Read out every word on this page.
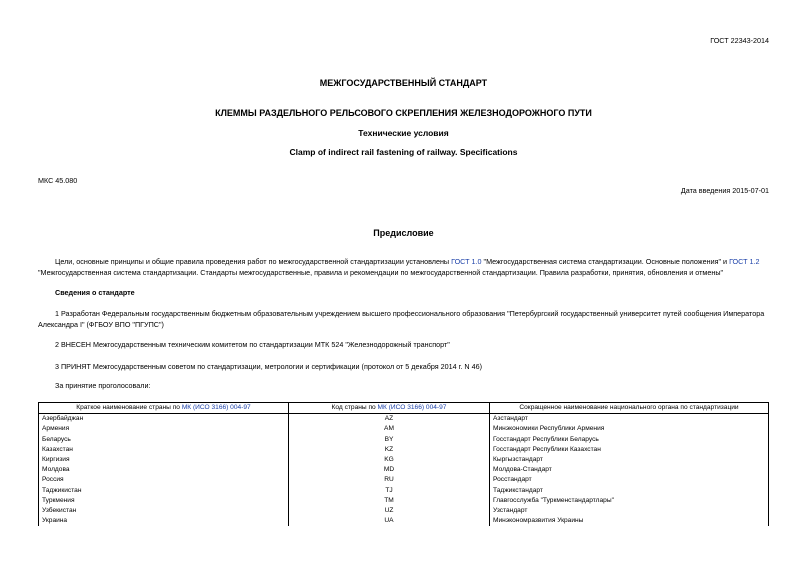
ГОСТ 22343-2014
МЕЖГОСУДАРСТВЕННЫЙ СТАНДАРТ
КЛЕММЫ РАЗДЕЛЬНОГО РЕЛЬСОВОГО СКРЕПЛЕНИЯ ЖЕЛЕЗНОДОРОЖНОГО ПУТИ
Технические условия
Clamp of indirect rail fastening of railway. Specifications
МКС 45.080
Дата введения 2015-07-01
Предисловие
Цели, основные принципы и общие правила проведения работ по межгосударственной стандартизации установлены ГОСТ 1.0 "Межгосударственная система стандартизации. Основные положения" и ГОСТ 1.2 "Межгосударственная система стандартизации. Стандарты межгосударственные, правила и рекомендации по межгосударственной стандартизации. Правила разработки, принятия, обновления и отмены"
Сведения о стандарте
1 Разработан Федеральным государственным бюджетным образовательным учреждением высшего профессионального образования "Петербургский государственный университет путей сообщения Императора Александра I" (ФГБОУ ВПО "ПГУПС")
2 ВНЕСЕН Межгосударственным техническим комитетом по стандартизации МТК 524 "Железнодорожный транспорт"
3 ПРИНЯТ Межгосударственным советом по стандартизации, метрологии и сертификации (протокол от 5 декабря 2014 г. N 46)
За принятие проголосовали:
Краткое наименование страны по МК (ИСО 3166) 004-97	Код страны по МК (ИСО 3166) 004-97	Сокращенное наименование национального органа по стандартизации
Азербайджан	AZ	Азстандарт
Армения	AM	Минэкономики Республики Армения
Беларусь	BY	Госстандарт Республики Беларусь
Казахстан	KZ	Госстандарт Республики Казахстан
Киргизия	KG	Кыргызстандарт
Молдова	MD	Молдова-Стандарт
Россия	RU	Росстандарт
Таджикистан	TJ	Таджикстандарт
Туркмения	TM	Главгосслужба "Туркменстандартлары"
Узбекистан	UZ	Узстандарт
Украина	UA	Минэкономразвития Украины
